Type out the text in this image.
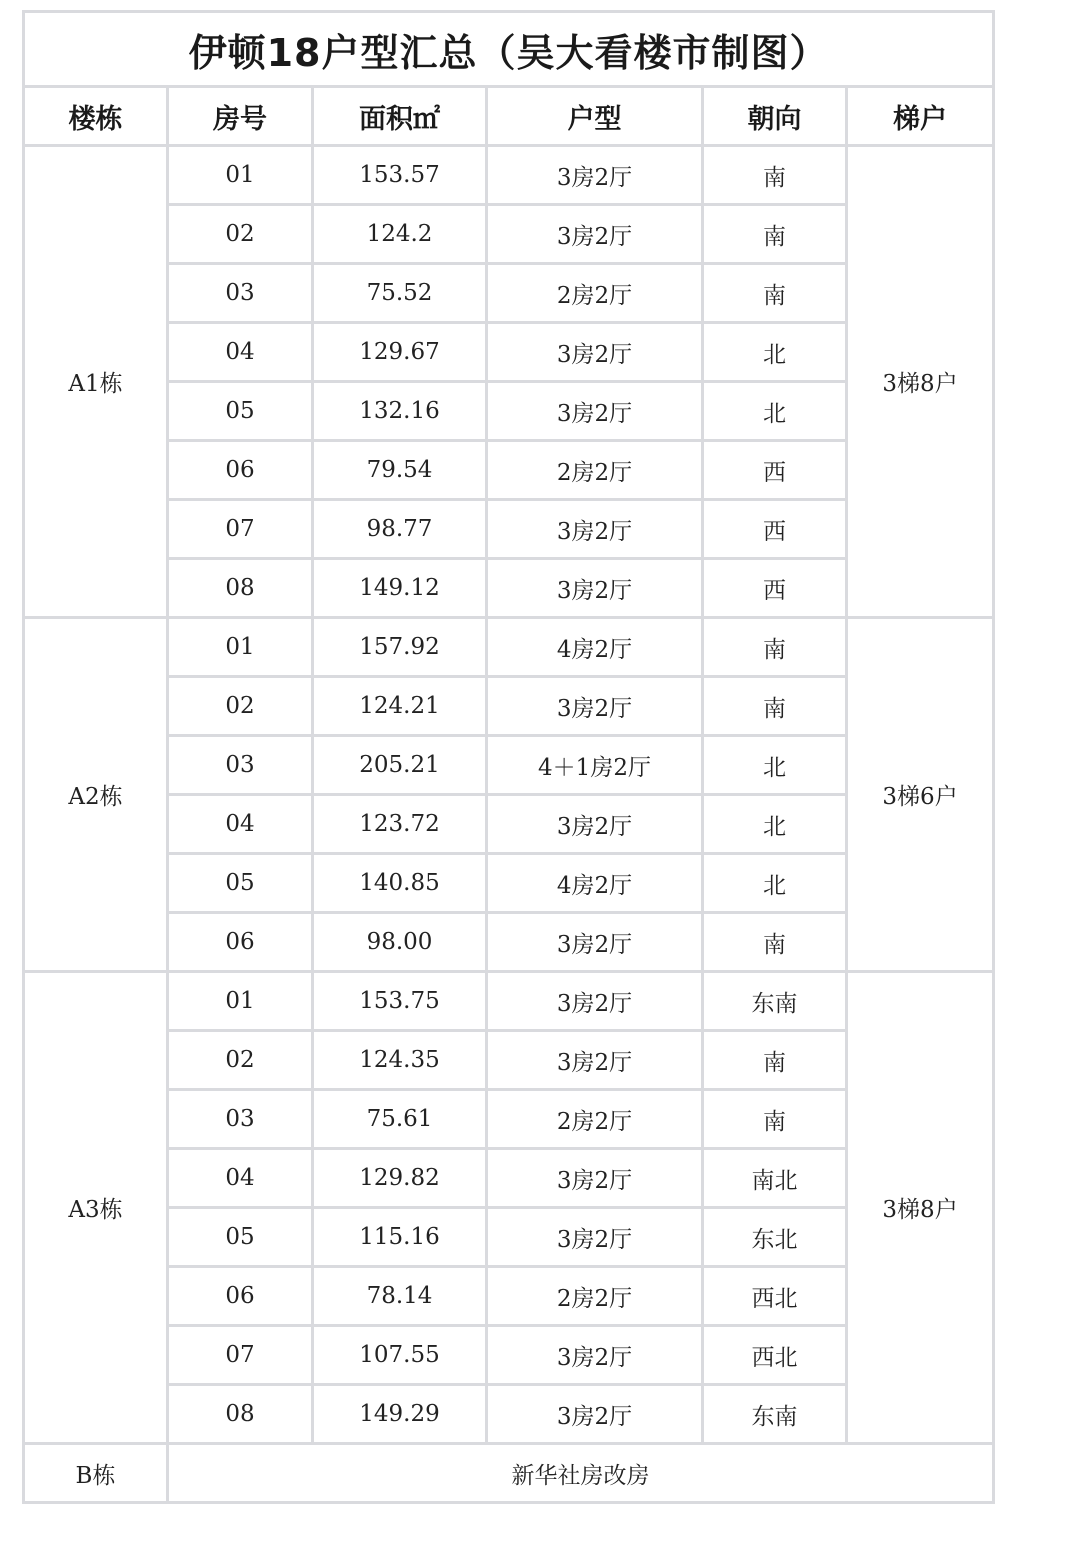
伊顿18户型汇总（吴大看楼市制图）					
楼栋	房号	面积㎡	户型	朝向	梯户
A1栋	01	153.57	3房2厅	南	3梯8户
	02	124.2	3房2厅	南	
	03	75.52	2房2厅	南	
	04	129.67	3房2厅	北	
	05	132.16	3房2厅	北	
	06	79.54	2房2厅	西	
	07	98.77	3房2厅	西	
	08	149.12	3房2厅	西	
A2栋	01	157.92	4房2厅	南	3梯6户
	02	124.21	3房2厅	南	
	03	205.21	4＋1房2厅	北	
	04	123.72	3房2厅	北	
	05	140.85	4房2厅	北	
	06	98.00	3房2厅	南	
A3栋	01	153.75	3房2厅	东南	3梯8户
	02	124.35	3房2厅	南	
	03	75.61	2房2厅	南	
	04	129.82	3房2厅	南北	
	05	115.16	3房2厅	东北	
	06	78.14	2房2厅	西北	
	07	107.55	3房2厅	西北	
	08	149.29	3房2厅	东南	
B栋	新华社房改房				
